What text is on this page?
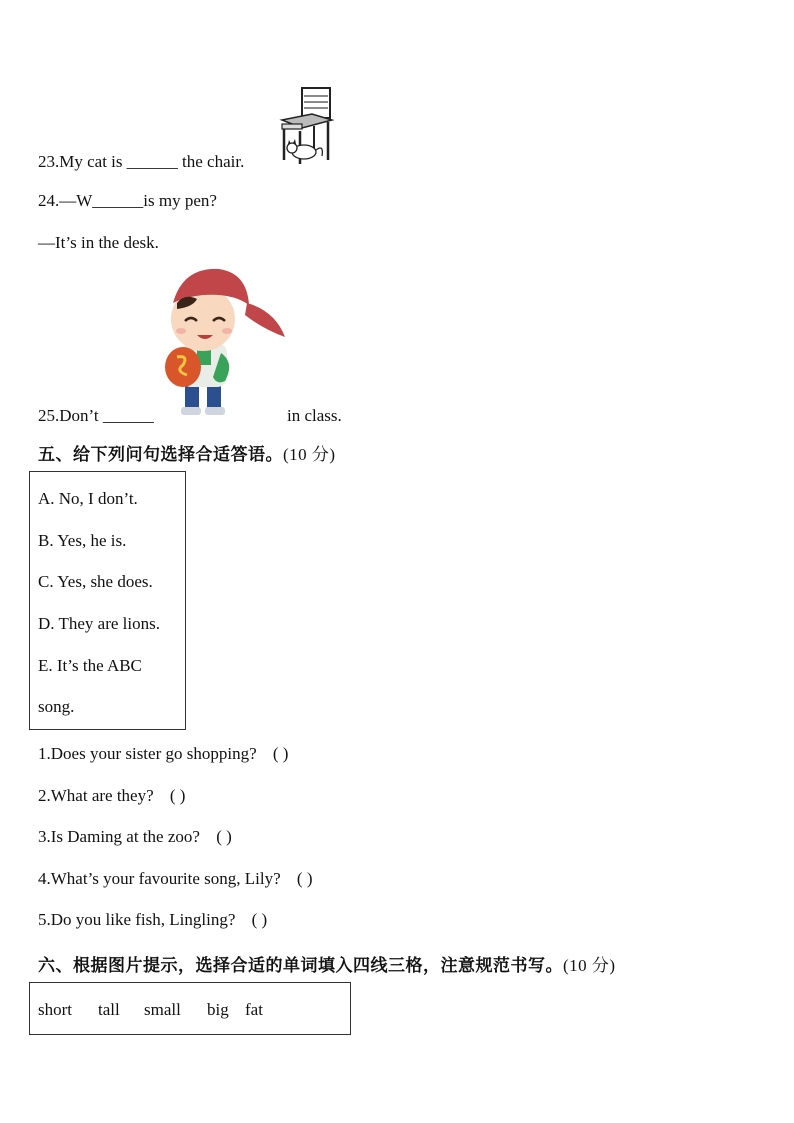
23.My cat is ______ the chair.
24.—W______is my pen?
—It’s in the desk.
25.Don’t ______	in class.
五、给下列问句选择合适答语。(10 分)
A. No, I don’t.
B. Yes, he is.
C. Yes, she does.
D. They are lions.
E. It’s the ABC
song.
1.Does your sister go shopping? ( )
2.What are they? ( )
3.Is Daming at the zoo? ( )
4.What’s your favourite song, Lily? ( )
5.Do you like fish, Lingling? ( )
六、根据图片提示，选择合适的单词填入四线三格，注意规范书写。(10 分)
short tall small big fat
